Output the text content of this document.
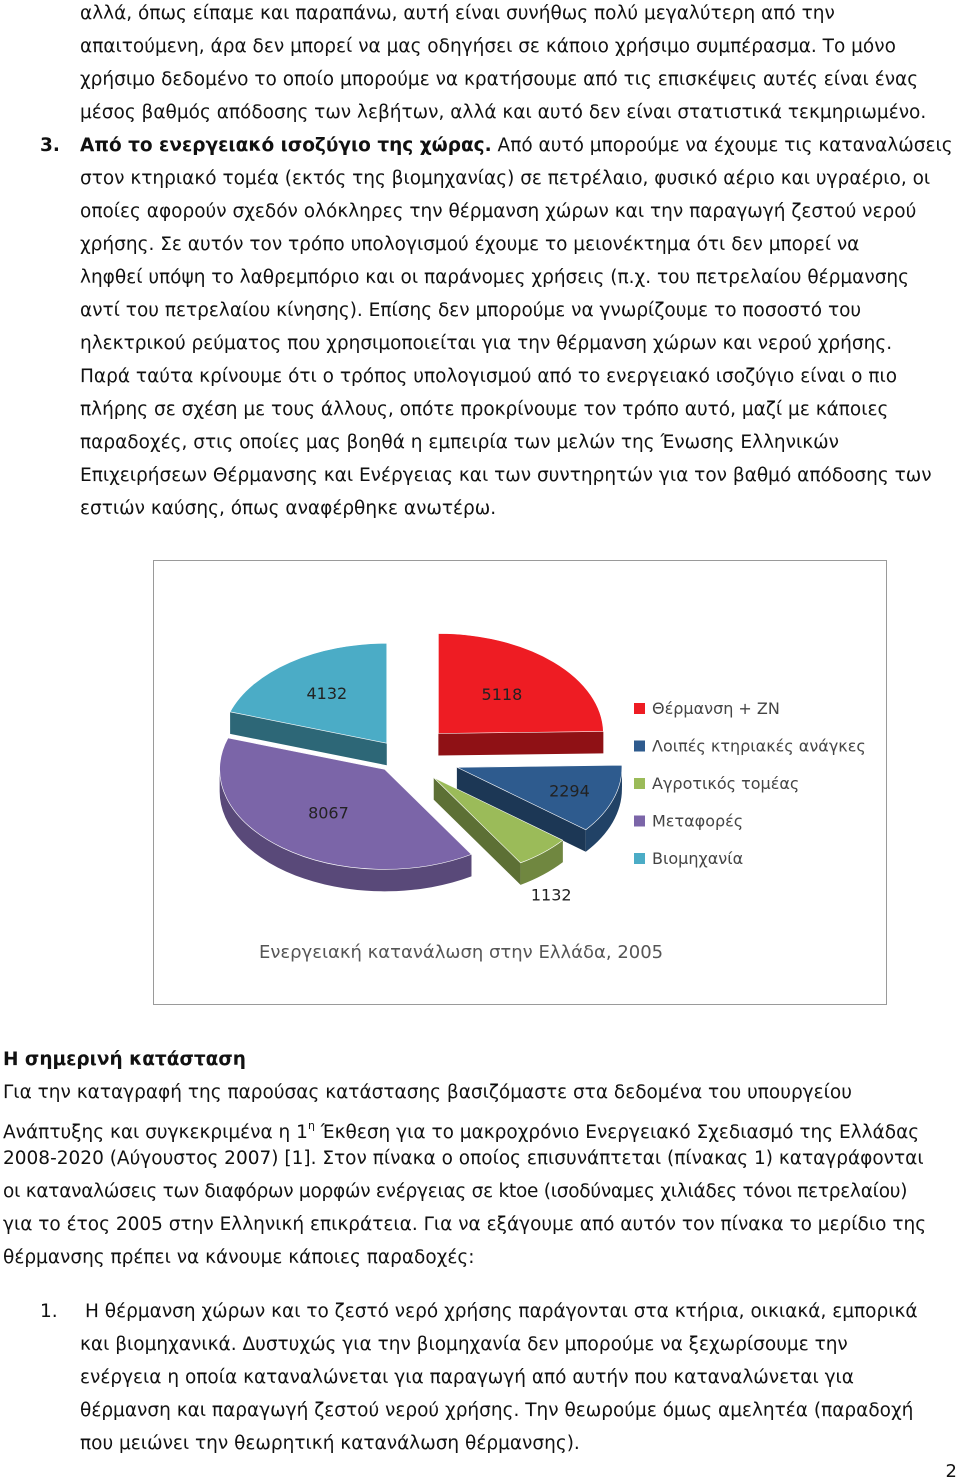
αλλά, όπως είπαμε και παραπάνω, αυτή είναι συνήθως πολύ μεγαλύτερη από την
απαιτούμενη, άρα δεν μπορεί να μας οδηγήσει σε κάποιο χρήσιμο συμπέρασμα. Το μόνο
χρήσιμο δεδομένο το οποίο μπορούμε να κρατήσουμε από τις επισκέψεις αυτές είναι ένας
μέσος βαθμός απόδοσης των λεβήτων, αλλά και αυτό δεν είναι στατιστικά τεκμηριωμένο.
3. Από το ενεργειακό ισοζύγιο της χώρας. Από αυτό μπορούμε να έχουμε τις καταναλώσεις
στον κτηριακό τομέα (εκτός της βιομηχανίας) σε πετρέλαιο, φυσικό αέριο και υγραέριο, οι
οποίες αφορούν σχεδόν ολόκληρες την θέρμανση χώρων και την παραγωγή ζεστού νερού
χρήσης. Σε αυτόν τον τρόπο υπολογισμού έχουμε το μειονέκτημα ότι δεν μπορεί να
ληφθεί υπόψη το λαθρεμπόριο και οι παράνομες χρήσεις (π.χ. του πετρελαίου θέρμανσης
αντί του πετρελαίου κίνησης). Επίσης δεν μπορούμε να γνωρίζουμε το ποσοστό του
ηλεκτρικού ρεύματος που χρησιμοποιείται για την θέρμανση χώρων και νερού χρήσης.
Παρά ταύτα κρίνουμε ότι ο τρόπος υπολογισμού από το ενεργειακό ισοζύγιο είναι ο πιο
πλήρης σε σχέση με τους άλλους, οπότε προκρίνουμε τον τρόπο αυτό, μαζί με κάποιες
παραδοχές, στις οποίες μας βοηθά η εμπειρία των μελών της Ένωσης Ελληνικών
Επιχειρήσεων Θέρμανσης και Ενέργειας και των συντηρητών για τον βαθμό απόδοσης των
εστιών καύσης, όπως αναφέρθηκε ανωτέρω.
5118
2294
1132
8067
4132
Θέρμανση + ΖΝ
Λοιπές κτηριακές ανάγκες
Αγροτικός τομέας
Μεταφορές
Βιομηχανία
Ενεργειακή κατανάλωση στην Ελλάδα, 2005
Η σημερινή κατάσταση
Για την καταγραφή της παρούσας κατάστασης βασιζόμαστε στα δεδομένα του υπουργείου
Ανάπτυξης και συγκεκριμένα η $1^\eta$ Έκθεση για το μακροχρόνιο Ενεργειακό Σχεδιασμό της Ελλάδας
2008-2020 (Αύγουστος 2007) [1]. Στον πίνακα ο οποίος επισυνάπτεται (πίνακας 1) καταγράφονται
οι καταναλώσεις των διαφόρων μορφών ενέργειας σε ktoe (ισοδύναμες χιλιάδες τόνοι πετρελαίου)
για το έτος 2005 στην Ελληνική επικράτεια. Για να εξάγουμε από αυτόν τον πίνακα το μερίδιο της
θέρμανσης πρέπει να κάνουμε κάποιες παραδοχές:
1. Η θέρμανση χώρων και το ζεστό νερό χρήσης παράγονται στα κτήρια, οικιακά, εμπορικά
και βιομηχανικά. Δυστυχώς για την βιομηχανία δεν μπορούμε να ξεχωρίσουμε την
ενέργεια η οποία καταναλώνεται για παραγωγή από αυτήν που καταναλώνεται για
θέρμανση και παραγωγή ζεστού νερού χρήσης. Την θεωρούμε όμως αμελητέα (παραδοχή
που μειώνει την θεωρητική κατανάλωση θέρμανσης).
2
